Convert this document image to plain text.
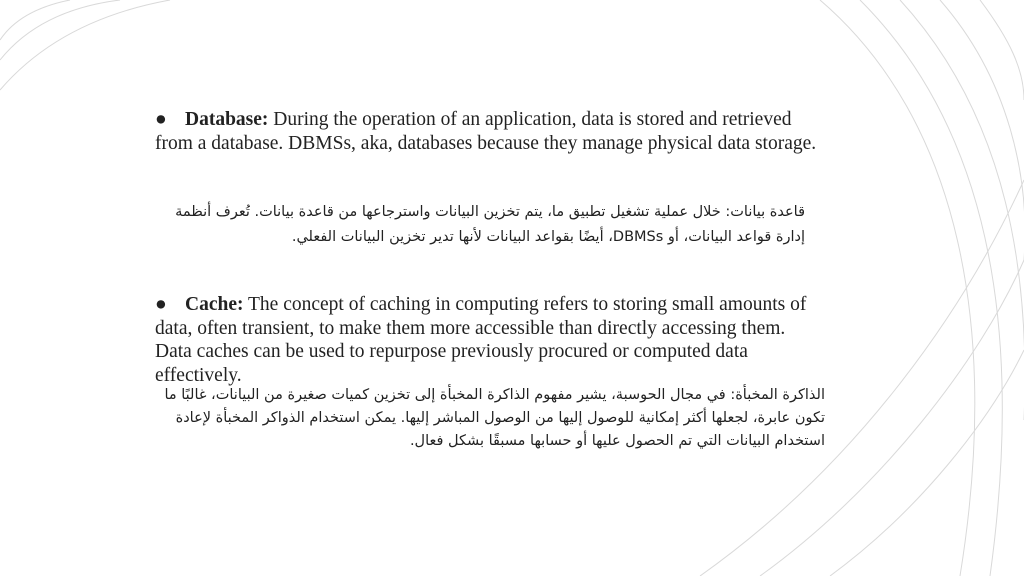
● Database: During the operation of an application, data is stored and retrieved from a database. DBMSs, aka, databases because they manage physical data storage.

قاعدة بيانات: خلال عملية تشغيل تطبيق ما، يتم تخزين البيانات واسترجاعها من قاعدة بيانات. تُعرف أنظمة إدارة قواعد البيانات، أو DBMSs، أيضًا بقواعد البيانات لأنها تدير تخزين البيانات الفعلي.

● Cache: The concept of caching in computing refers to storing small amounts of data, often transient, to make them more accessible than directly accessing them. Data caches can be used to repurpose previously procured or computed data effectively.

الذاكرة المخبأة: في مجال الحوسبة، يشير مفهوم الذاكرة المخبأة إلى تخزين كميات صغيرة من البيانات، غالبًا ما تكون عابرة، لجعلها أكثر إمكانية للوصول إليها من الوصول المباشر إليها. يمكن استخدام الذواكر المخبأة لإعادة استخدام البيانات التي تم الحصول عليها أو حسابها مسبقًا بشكل فعال.
